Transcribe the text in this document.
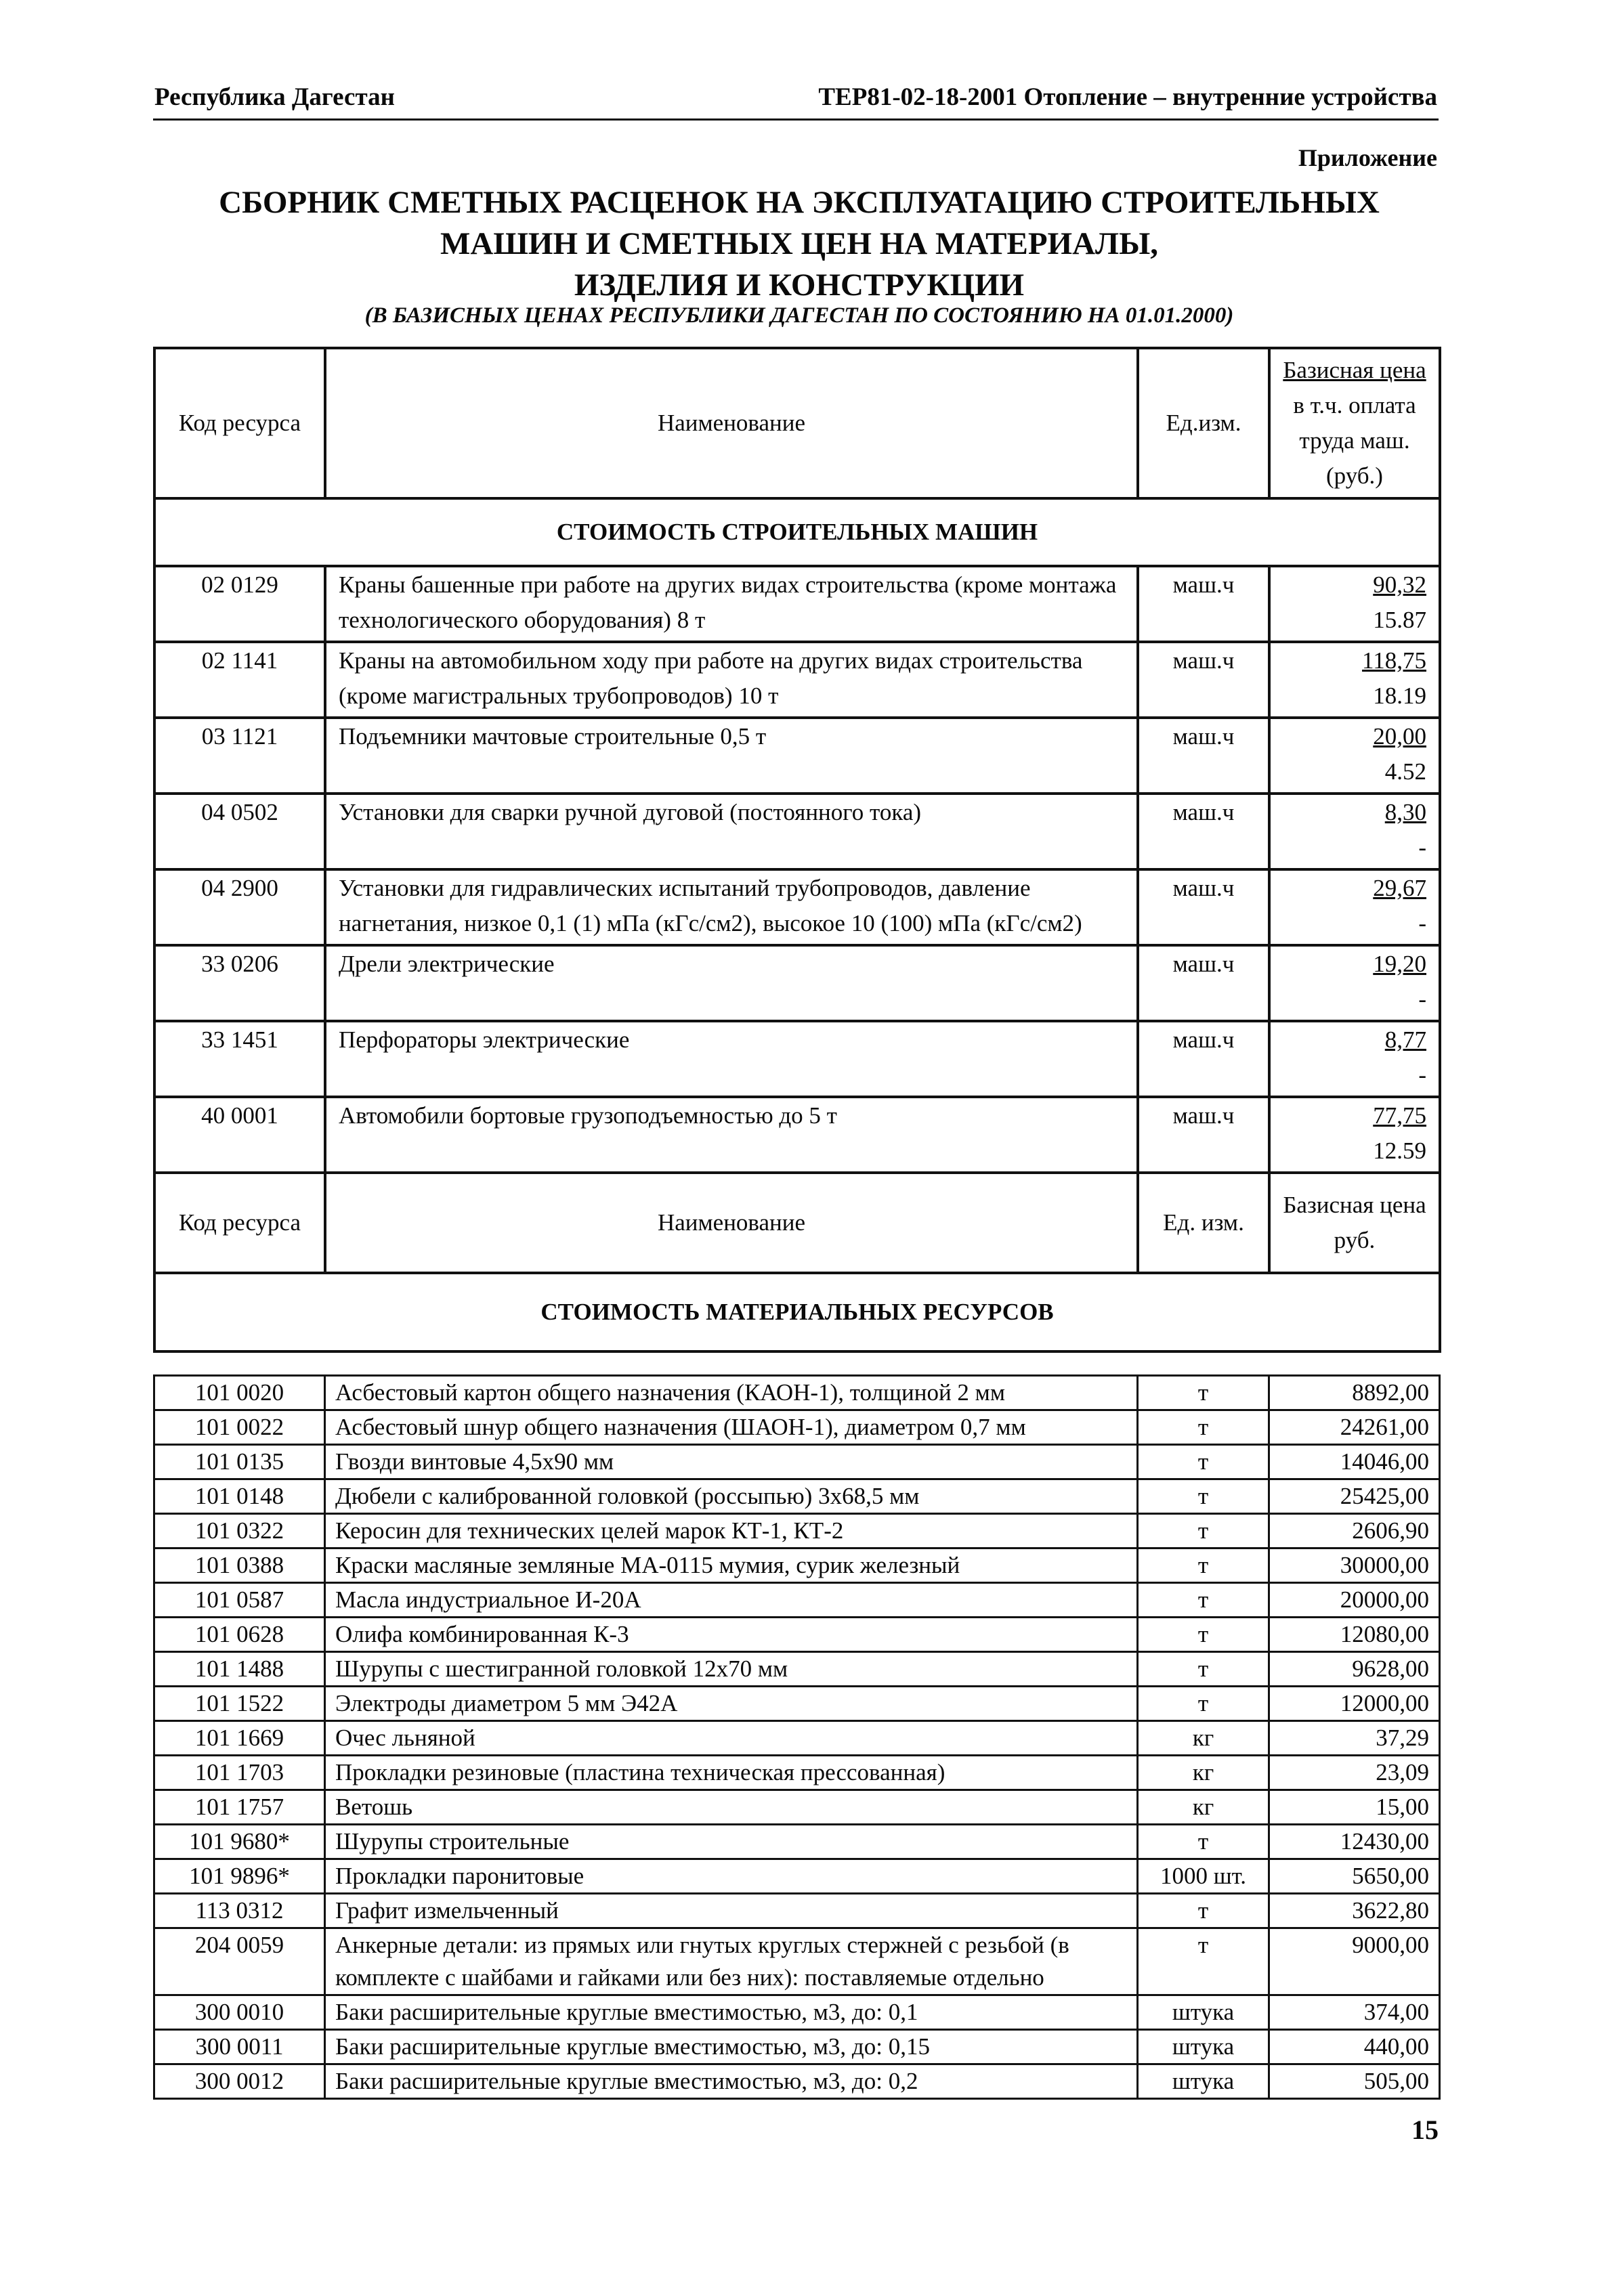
Республика Дагестан	ТЕР81-02-18-2001 Отопление – внутренние устройства
Приложение
СБОРНИК СМЕТНЫХ РАСЦЕНОК НА ЭКСПЛУАТАЦИЮ СТРОИТЕЛЬНЫХ
МАШИН И СМЕТНЫХ ЦЕН НА МАТЕРИАЛЫ,
ИЗДЕЛИЯ И КОНСТРУКЦИИ
(В БАЗИСНЫХ ЦЕНАХ РЕСПУБЛИКИ ДАГЕСТАН ПО СОСТОЯНИЮ НА 01.01.2000)
Код ресурса	Наименование	Ед.изм.	Базисная цена
в т.ч. оплата
труда маш.
(руб.)

СТОИМОСТЬ СТРОИТЕЛЬНЫХ МАШИН			
02 0129	Краны башенные при работе на других видах строительства (кроме монтажа технологического оборудования) 8 т	маш.ч	90,32
15.87

02 1141	Краны на автомобильном ходу при работе на других видах строительства (кроме магистральных трубопроводов) 10 т	маш.ч	118,75
18.19

03 1121	Подъемники мачтовые строительные 0,5 т	маш.ч	20,00
4.52

04 0502	Установки для сварки ручной дуговой (постоянного тока)	маш.ч	8,30
-

04 2900	Установки для гидравлических испытаний трубопроводов, давление нагнетания, низкое 0,1 (1) мПа (кГс/см2), высокое 10 (100) мПа (кГс/см2)	маш.ч	29,67
-

33 0206	Дрели электрические	маш.ч	19,20
-

33 1451	Перфораторы электрические	маш.ч	8,77
-

40 0001	Автомобили бортовые грузоподъемностью до 5 т	маш.ч	77,75
12.59

Код ресурса	Наименование	Ед. изм.	Базисная цена
руб.

СТОИМОСТЬ МАТЕРИАЛЬНЫХ РЕСУРСОВ			
101 0020	Асбестовый картон общего назначения (КАОН-1), толщиной 2 мм	т	8892,00
101 0022	Асбестовый шнур общего назначения (ШАОН-1), диаметром 0,7 мм	т	24261,00
101 0135	Гвозди винтовые 4,5х90 мм	т	14046,00
101 0148	Дюбели с калиброванной головкой (россыпью) 3х68,5 мм	т	25425,00
101 0322	Керосин для технических целей марок КТ-1, КТ-2	т	2606,90
101 0388	Краски масляные земляные МА-0115 мумия, сурик железный	т	30000,00
101 0587	Масла индустриальное И-20А	т	20000,00
101 0628	Олифа комбинированная К-3	т	12080,00
101 1488	Шурупы с шестигранной головкой 12х70 мм	т	9628,00
101 1522	Электроды диаметром 5 мм Э42А	т	12000,00
101 1669	Очес льняной	кг	37,29
101 1703	Прокладки резиновые (пластина техническая прессованная)	кг	23,09
101 1757	Ветошь	кг	15,00
101 9680*	Шурупы строительные	т	12430,00
101 9896*	Прокладки паронитовые	1000 шт.	5650,00
113 0312	Графит измельченный	т	3622,80
204 0059	Анкерные детали: из прямых или гнутых круглых стержней с резьбой (в комплекте с шайбами и гайками или без них): поставляемые отдельно	т	9000,00
300 0010	Баки расширительные круглые вместимостью, м3, до: 0,1	штука	374,00
300 0011	Баки расширительные круглые вместимостью, м3, до: 0,15	штука	440,00
300 0012	Баки расширительные круглые вместимостью, м3, до: 0,2	штука	505,00
15
